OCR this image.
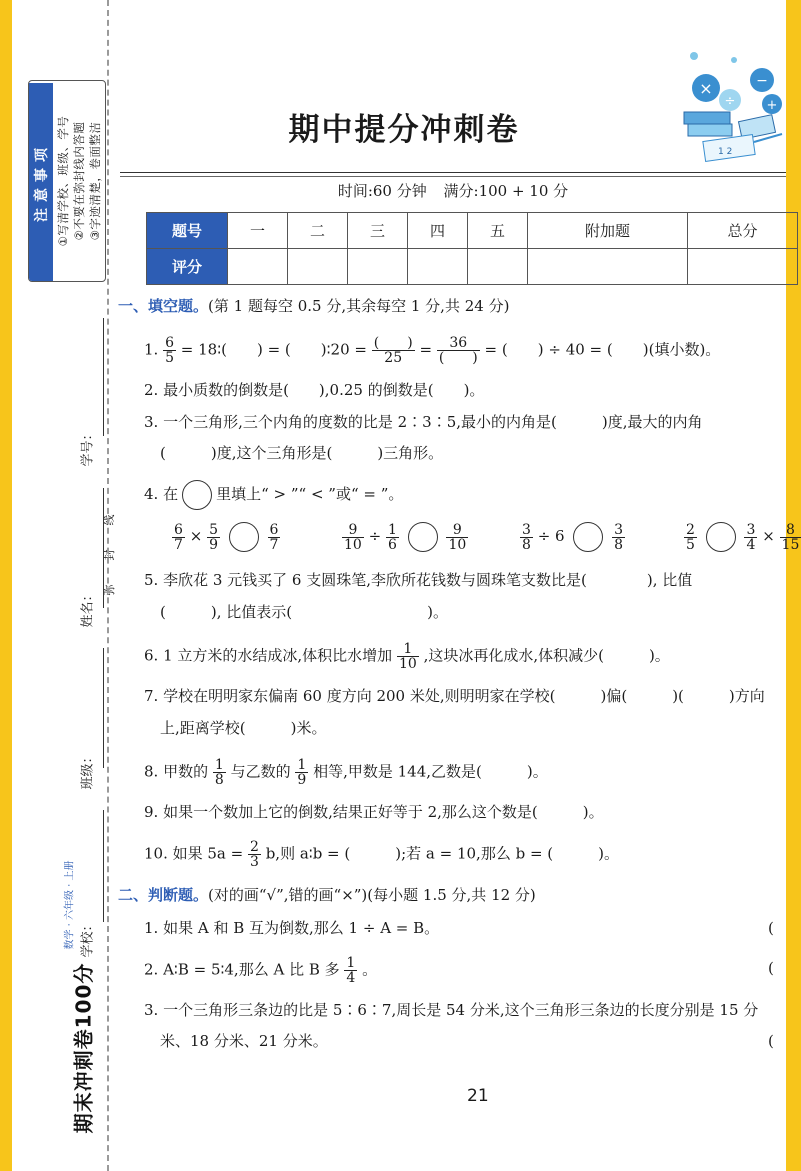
注意事项 ①写清学校、班级、学号 ②不要在弥封线内答题 ③字迹清楚，卷面整洁
学号：
姓名：
班级：
学校：
线
封
弥
数学 · 六年级 · 上册
期末冲刺卷100分
×
÷
−
+
1 2
期中提分冲刺卷
时间:60 分钟 满分:100 + 10 分
题号	一	二	三	四	五	附加题	总分
评分							
一、填空题。(第 1 题每空 0.5 分,其余每空 1 分,共 24 分)
1. $\frac{6}{5}$ = 18∶(　　) = (　　)∶20 = $\frac{( )}{25} = \frac{36}{( )}$ = (　　) ÷ 40 = (　　)(填小数)。
2. 最小质数的倒数是(　　),0.25 的倒数是(　　)。
3. 一个三角形,三个内角的度数的比是 2∶3∶5,最小的内角是(　　　)度,最大的内角
(　　　)度,这个三角形是(　　　)三角形。
4. 在	里填上“ > ”“ < ”或“ = ”。
$\frac{6}{7} \times \frac{5}{9}$
	$\frac{6}{7}$	$\frac{9}{10} \div \frac{1}{6}$
	$\frac{9}{10}$	$\frac{3}{8} \div 6$	$\frac{3}{8}$	$\frac{2}{5}$
	$\frac{3}{4} \times \frac{8}{15}$
5. 李欣花 3 元钱买了 6 支圆珠笔,李欣所花钱数与圆珠笔支数比是(　　　　), 比值
(　　　), 比值表示(　　　　　　　　　)。
6. 1 立方米的水结成冰,体积比水增加 $\frac{1}{10}$ ,这块冰再化成水,体积减少(　　　)。
7. 学校在明明家东偏南 60 度方向 200 米处,则明明家在学校(　　　)偏(　　　)(　　　)方向
上,距离学校(　　　)米。
8. 甲数的 $\frac{1}{8}$ 与乙数的 $\frac{1}{9}$ 相等,甲数是 144,乙数是(　　　)。
9. 如果一个数加上它的倒数,结果正好等于 2,那么这个数是(　　　)。
10. 如果 $5a = \frac{2}{3} b$,则 a∶b = (　　　);若 a = 10,那么 b = (　　　)。
二、判断题。(对的画“√”,错的画“×”)(每小题 1.5 分,共 12 分)
1. 如果 A 和 B 互为倒数,那么 1 ÷ A = B。	(
2. A∶B = 5∶4,那么 A 比 B 多 $\frac{1}{4}$ 。	(
3. 一个三角形三条边的比是 5∶6∶7,周长是 54 分米,这个三角形三条边的长度分别是 15 分
米、18 分米、21 分米。	(
21
